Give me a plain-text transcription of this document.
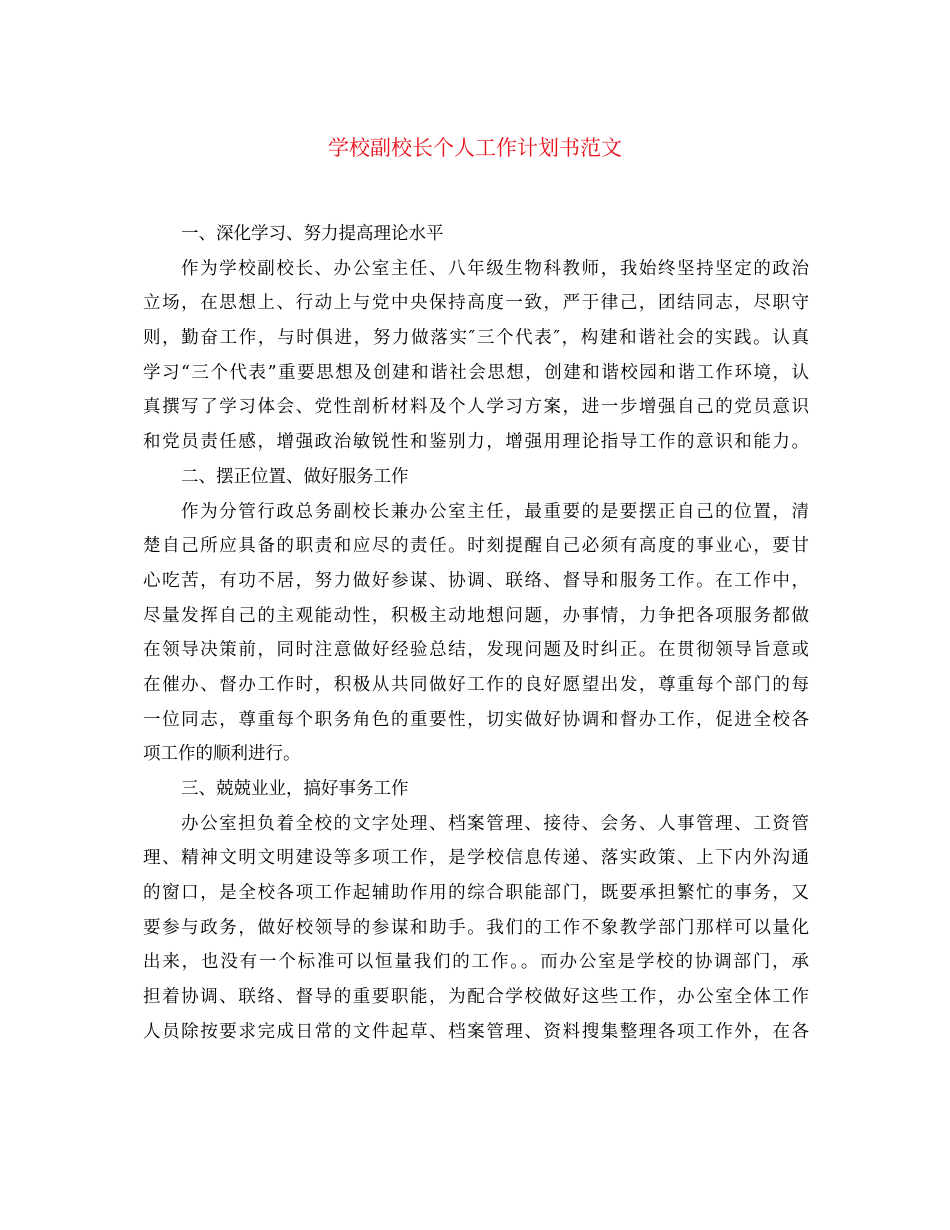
学校副校长个人工作计划书范文
一、深化学习、努力提高理论水平
作为学校副校长、办公室主任、八年级生物科教师，我始终坚持坚定的政治
立场，在思想上、行动上与党中央保持高度一致，严于律己，团结同志，尽职守
则，勤奋工作，与时俱进，努力做落实″三个代表″，构建和谐社会的实践。认真
学习“三个代表”重要思想及创建和谐社会思想，创建和谐校园和谐工作环境，认
真撰写了学习体会、党性剖析材料及个人学习方案，进一步增强自己的党员意识
和党员责任感，增强政治敏锐性和鉴别力，增强用理论指导工作的意识和能力。
二、摆正位置、做好服务工作
作为分管行政总务副校长兼办公室主任，最重要的是要摆正自己的位置，清
楚自己所应具备的职责和应尽的责任。时刻提醒自己必须有高度的事业心，要甘
心吃苦，有功不居，努力做好参谋、协调、联络、督导和服务工作。在工作中，
尽量发挥自己的主观能动性，积极主动地想问题，办事情，力争把各项服务都做
在领导决策前，同时注意做好经验总结，发现问题及时纠正。在贯彻领导旨意或
在催办、督办工作时，积极从共同做好工作的良好愿望出发，尊重每个部门的每
一位同志，尊重每个职务角色的重要性，切实做好协调和督办工作，促进全校各
项工作的顺利进行。
三、兢兢业业，搞好事务工作
办公室担负着全校的文字处理、档案管理、接待、会务、人事管理、工资管
理、精神文明文明建设等多项工作，是学校信息传递、落实政策、上下内外沟通
的窗口，是全校各项工作起辅助作用的综合职能部门，既要承担繁忙的事务，又
要参与政务，做好校领导的参谋和助手。我们的工作不象教学部门那样可以量化
出来，也没有一个标准可以恒量我们的工作。。而办公室是学校的协调部门，承
担着协调、联络、督导的重要职能，为配合学校做好这些工作，办公室全体工作
人员除按要求完成日常的文件起草、档案管理、资料搜集整理各项工作外，在各
